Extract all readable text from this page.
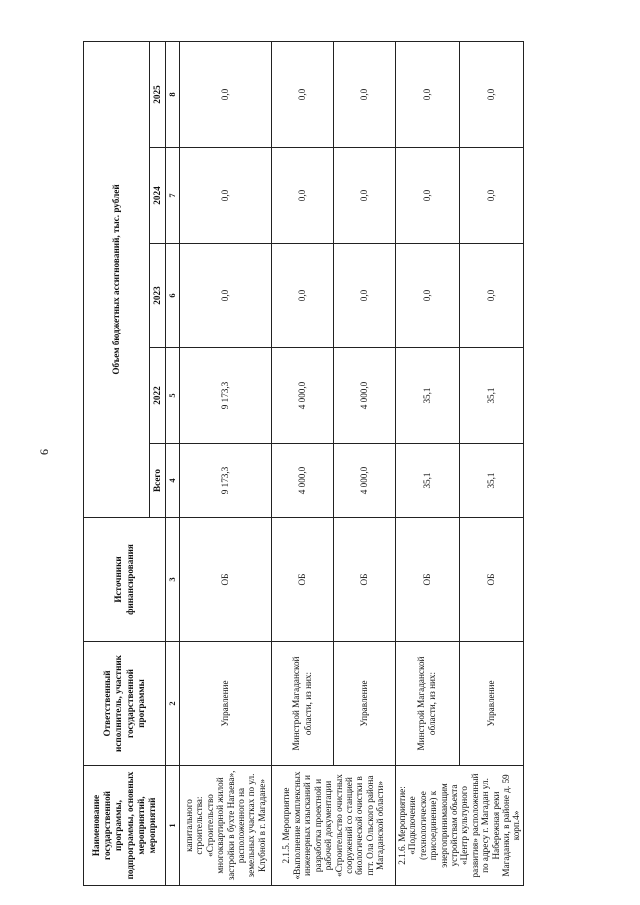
9
Наименование государственной программы, подпрограммы, основных мероприятий, мероприятий	Ответственный исполнитель, участник государственной программы	Источники финансирования	Объем бюджетных ассигнований, тыс. рублей				
			Всего	2022	2023	2024	2025
1	2	3	4	5	6	7	8
капитального строительства: «Строительство многоквартирной жилой застройки в бухте Нагаева», расположенного на земельных участках по ул. Клубной в г. Магадане»	Управление	ОБ	9 173,3	9 173,3	0,0	0,0	0,0
2.1.5. Мероприятие «Выполнение комплексных инженерных изысканий и разработка проектной и рабочей документации «Строительство очистных сооружений со станцией биологической очистки в пгт. Ола Ольского района Магаданской области»	Минстрой Магаданской области, из них:	ОБ	4 000,0	4 000,0	0,0	0,0	0,0
	Управление	ОБ	4 000,0	4 000,0	0,0	0,0	0,0
2.1.6. Мероприятие: «Подключение (технологическое присоединение) к энергопринимающим устройствам объекта «Центр культурного развития» расположенный по адресу г. Магадан ул. Набережная реки Магаданки, в районе д. 59 корп.4»	Минстрой Магаданской области, из них:	ОБ	35,1	35,1	0,0	0,0	0,0
	Управление	ОБ	35,1	35,1	0,0	0,0	0,0
